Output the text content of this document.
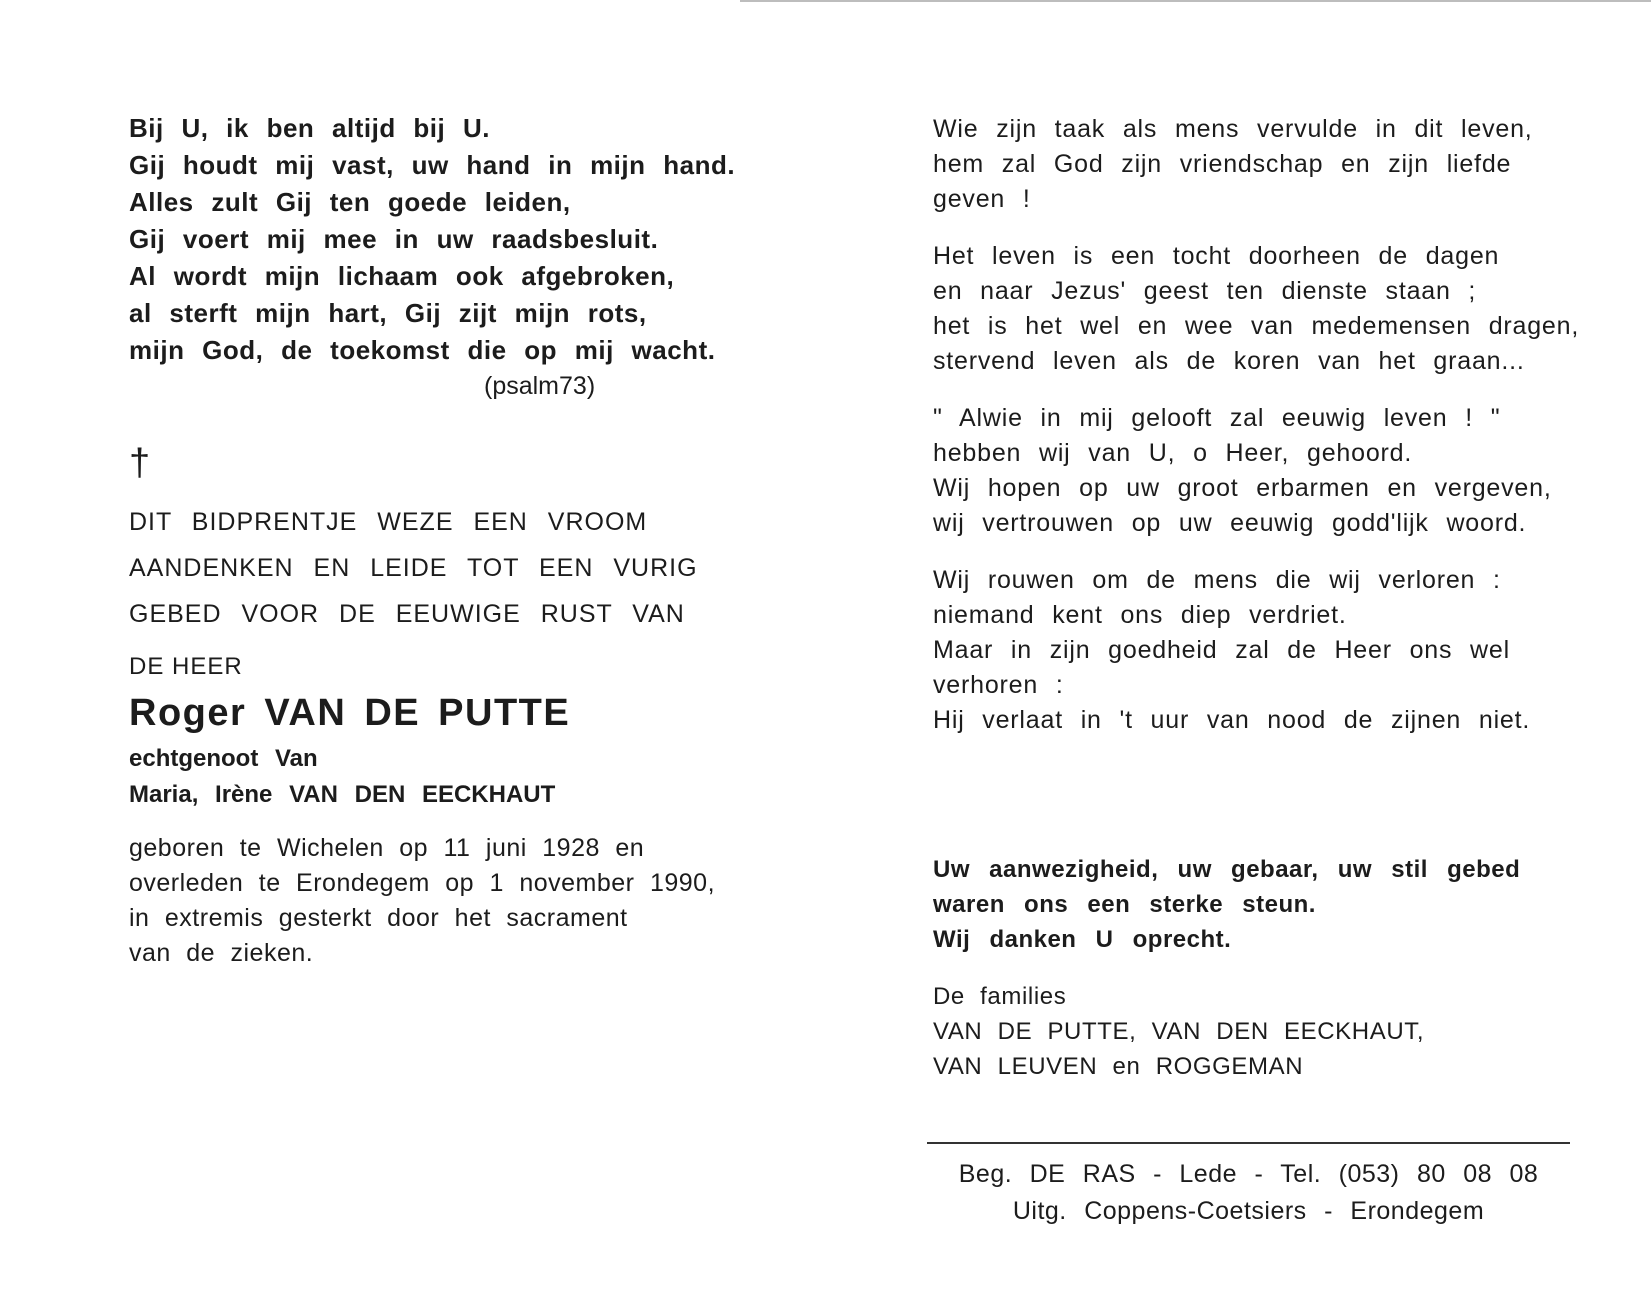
Bij U, ik ben altijd bij U.
Gij houdt mij vast, uw hand in mijn hand.
Alles zult Gij ten goede leiden,
Gij voert mij mee in uw raadsbesluit.
Al wordt mijn lichaam ook afgebroken,
al sterft mijn hart, Gij zijt mijn rots,
mijn God, de toekomst die op mij wacht.
(psalm73)
†
DIT BIDPRENTJE WEZE EEN VROOM
AANDENKEN EN LEIDE TOT EEN VURIG
GEBED VOOR DE EEUWIGE RUST VAN
DE HEER
Roger VAN DE PUTTE
echtgenoot Van
Maria, Irène VAN DEN EECKHAUT
geboren te Wichelen op 11 juni 1928 en
overleden te Erondegem op 1 november 1990,
in extremis gesterkt door het sacrament
van de zieken.
Wie zijn taak als mens vervulde in dit leven,
hem zal God zijn vriendschap en zijn liefde
geven !
Het leven is een tocht doorheen de dagen
en naar Jezus' geest ten dienste staan ;
het is het wel en wee van medemensen dragen,
stervend leven als de koren van het graan...
" Alwie in mij gelooft zal eeuwig leven ! "
hebben wij van U, o Heer, gehoord.
Wij hopen op uw groot erbarmen en vergeven,
wij vertrouwen op uw eeuwig godd'lijk woord.
Wij rouwen om de mens die wij verloren :
niemand kent ons diep verdriet.
Maar in zijn goedheid zal de Heer ons wel
verhoren :
Hij verlaat in 't uur van nood de zijnen niet.
Uw aanwezigheid, uw gebaar, uw stil gebed
waren ons een sterke steun.
Wij danken U oprecht.
De families
VAN DE PUTTE, VAN DEN EECKHAUT,
VAN LEUVEN en ROGGEMAN
Beg. DE RAS - Lede - Tel. (053) 80 08 08
Uitg. Coppens-Coetsiers - Erondegem
